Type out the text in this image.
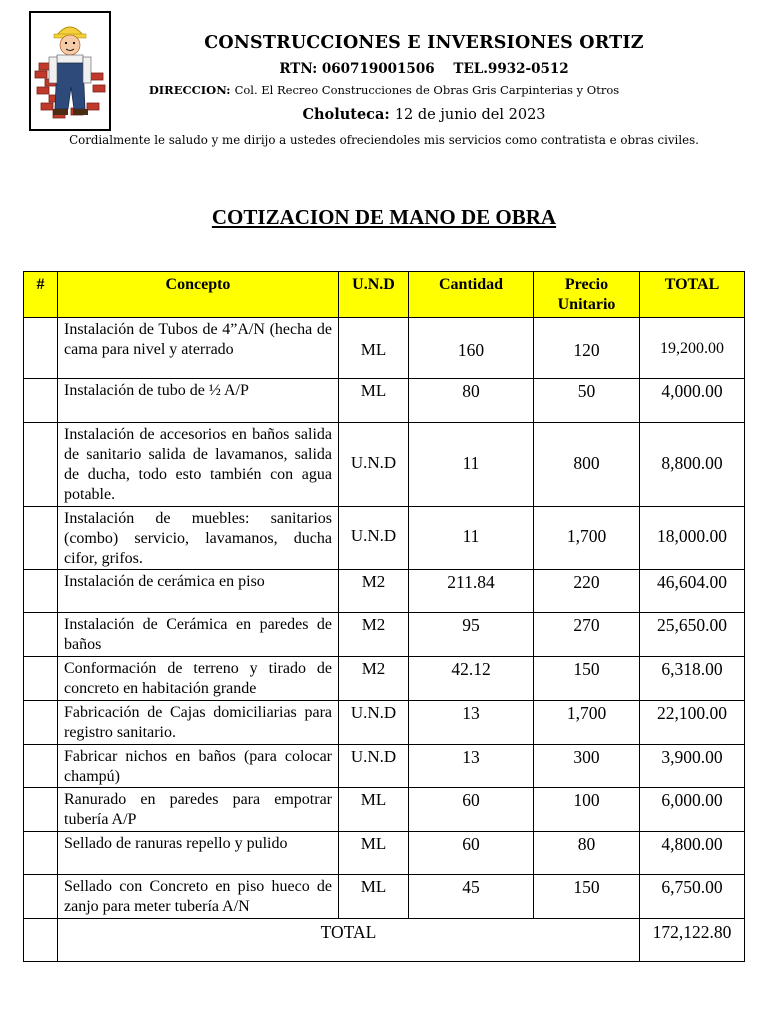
CONSTRUCCIONES E INVERSIONES ORTIZ
RTN: 060719001506    TEL.9932-0512
DIRECCION: Col. El Recreo Construcciones de Obras Gris Carpinterias y Otros
Choluteca: 12 de junio del 2023
Cordialmente le saludo y me dirijo a ustedes ofreciendoles mis servicios como contratista e obras civiles.
COTIZACION DE MANO DE OBRA
#	Concepto	U.N.D	Cantidad	Precio Unitario	TOTAL
	Instalación de Tubos de 4”A/N (hecha de cama para nivel y aterrado	ML	160	120	19,200.00
	Instalación de tubo de ½ A/P	ML	80	50	4,000.00
	Instalación de accesorios en baños salida de sanitario salida de lavamanos, salida de ducha, todo esto también con agua potable.	U.N.D	11	800	8,800.00
	Instalación de muebles: sanitarios (combo) servicio, lavamanos, ducha cifor, grifos.	U.N.D	11	1,700	18,000.00
	Instalación de cerámica en piso	M2	211.84	220	46,604.00
	Instalación de Cerámica en paredes de baños	M2	95	270	25,650.00
	Conformación de terreno y tirado de concreto en habitación grande	M2	42.12	150	6,318.00
	Fabricación de Cajas domiciliarias para registro sanitario.	U.N.D	13	1,700	22,100.00
	Fabricar nichos en baños (para colocar champú)	U.N.D	13	300	3,900.00
	Ranurado en paredes para empotrar tubería A/P	ML	60	100	6,000.00
	Sellado de ranuras repello y pulido	ML	60	80	4,800.00
	Sellado con Concreto en piso hueco de zanjo para meter tubería A/N	ML	45	150	6,750.00
	TOTAL				172,122.80
